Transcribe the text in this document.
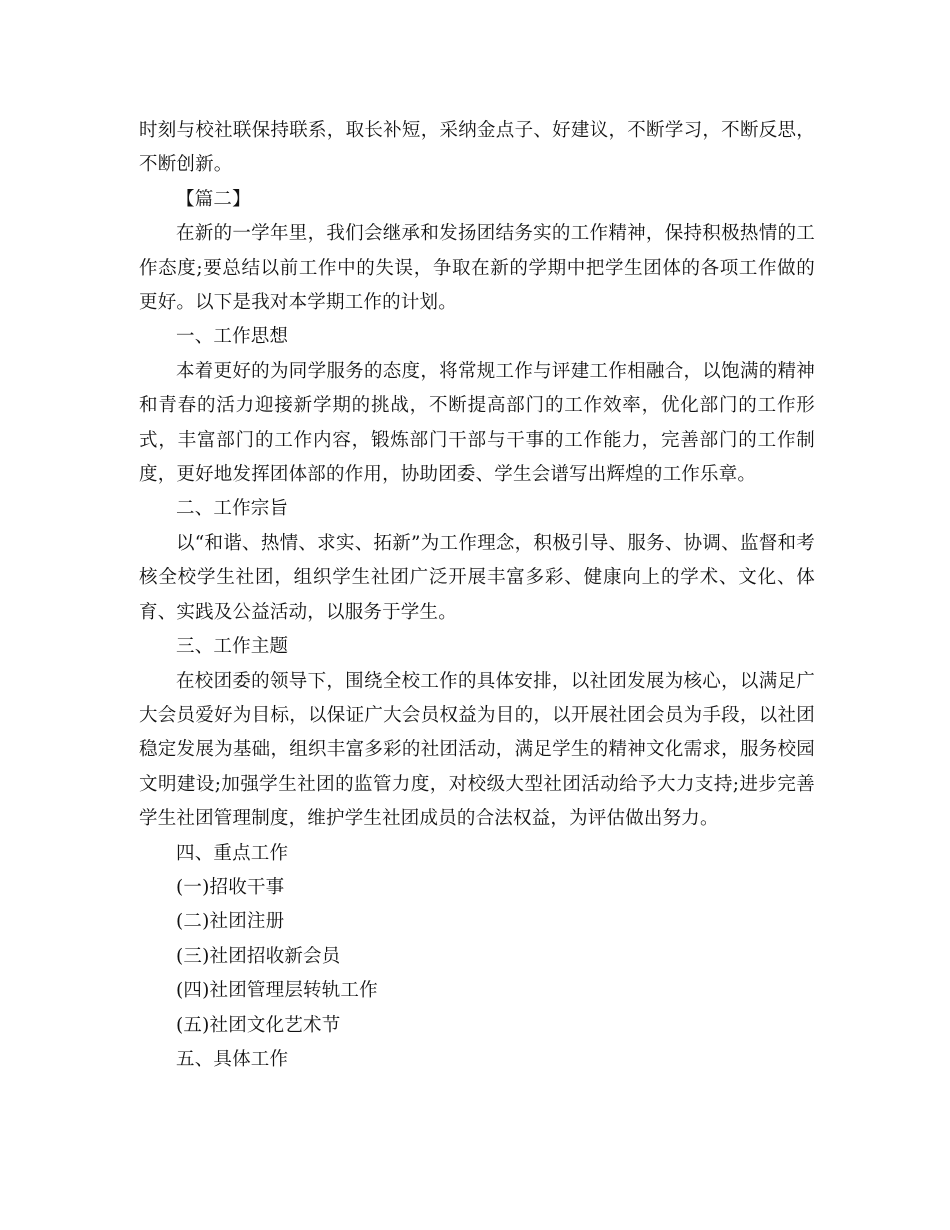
时刻与校社联保持联系，取长补短，采纳金点子、好建议，不断学习，不断反思，不断创新。

【篇二】

在新的一学年里，我们会继承和发扬团结务实的工作精神，保持积极热情的工作态度;要总结以前工作中的失误，争取在新的学期中把学生团体的各项工作做的更好。以下是我对本学期工作的计划。

一、工作思想

本着更好的为同学服务的态度，将常规工作与评建工作相融合，以饱满的精神和青春的活力迎接新学期的挑战，不断提高部门的工作效率，优化部门的工作形式，丰富部门的工作内容，锻炼部门干部与干事的工作能力，完善部门的工作制度，更好地发挥团体部的作用，协助团委、学生会谱写出辉煌的工作乐章。

二、工作宗旨

以“和谐、热情、求实、拓新”为工作理念，积极引导、服务、协调、监督和考核全校学生社团，组织学生社团广泛开展丰富多彩、健康向上的学术、文化、体育、实践及公益活动，以服务于学生。

三、工作主题

在校团委的领导下，围绕全校工作的具体安排，以社团发展为核心，以满足广大会员爱好为目标，以保证广大会员权益为目的，以开展社团会员为手段，以社团稳定发展为基础，组织丰富多彩的社团活动，满足学生的精神文化需求，服务校园文明建设;加强学生社团的监管力度，对校级大型社团活动给予大力支持;进步完善学生社团管理制度，维护学生社团成员的合法权益，为评估做出努力。

四、重点工作

(一)招收干事

(二)社团注册

(三)社团招收新会员

(四)社团管理层转轨工作

(五)社团文化艺术节

五、具体工作
